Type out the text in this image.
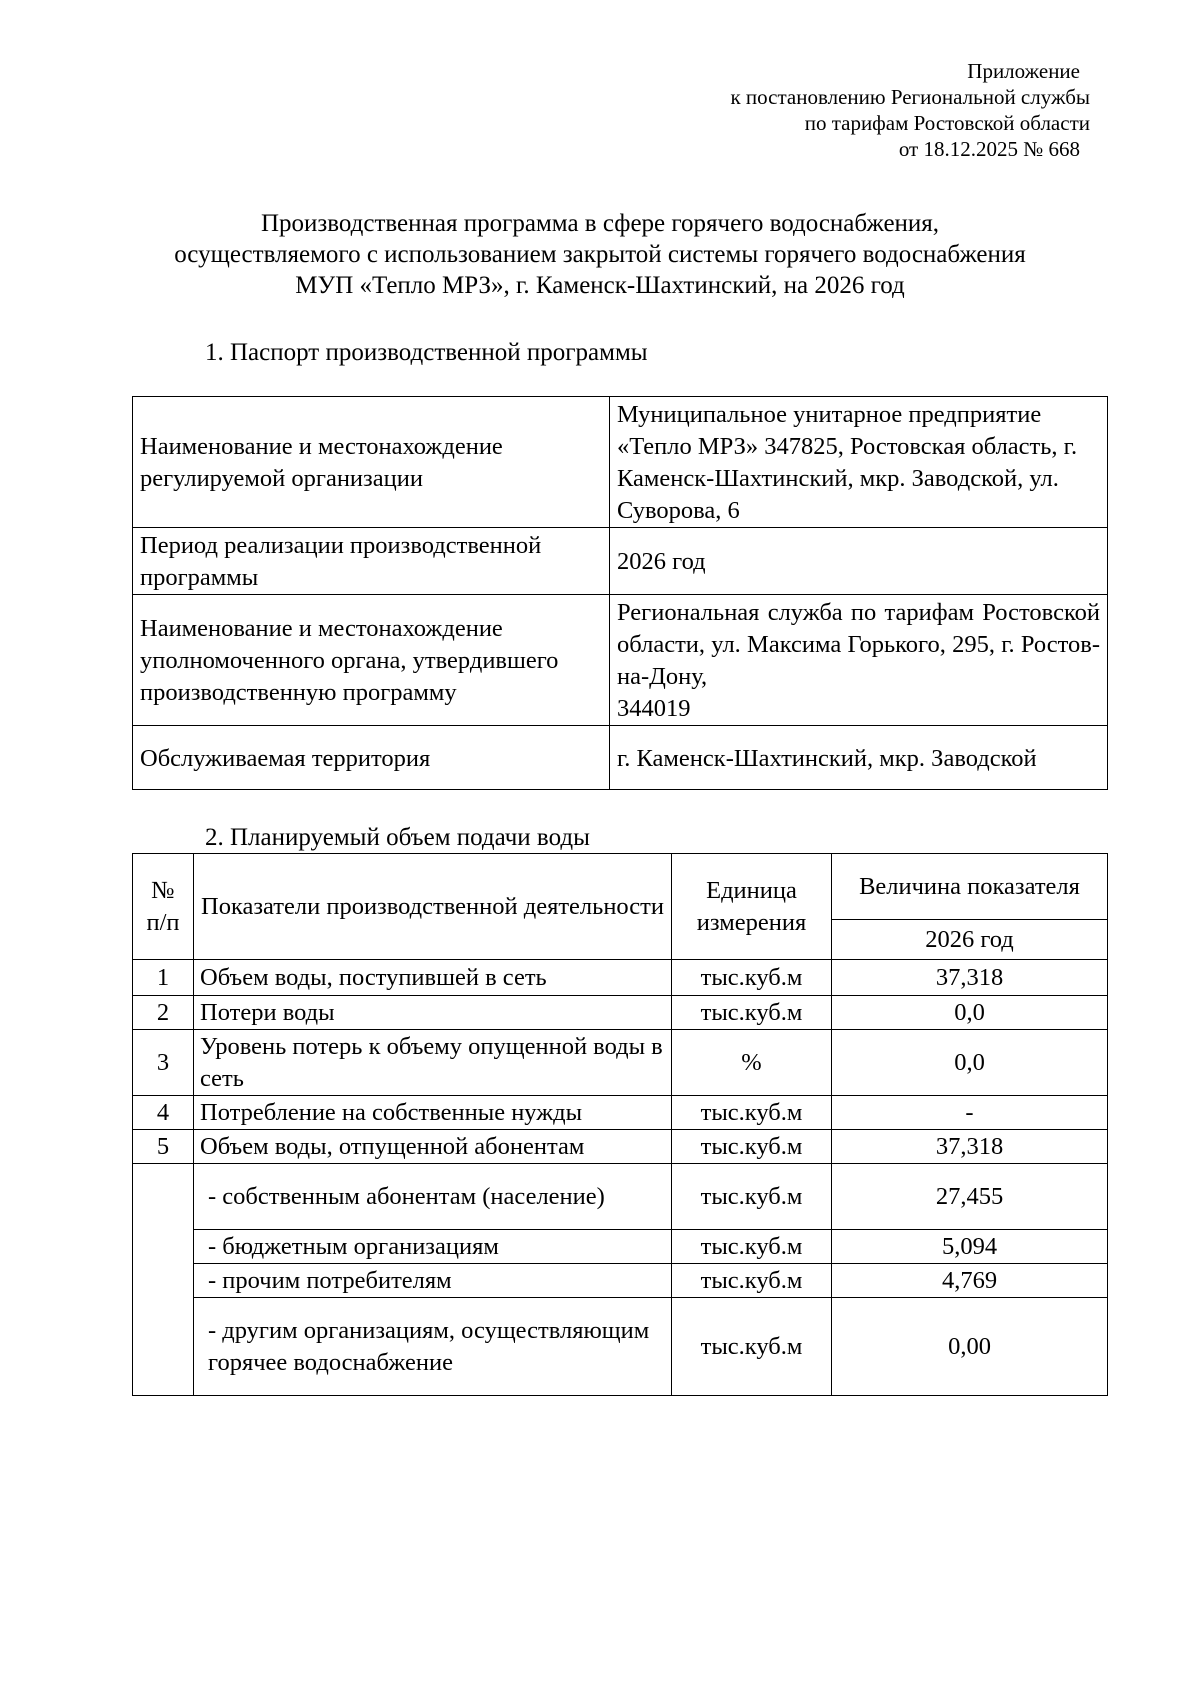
Приложение
к постановлению Региональной службы
по тарифам Ростовской области
от 18.12.2025 № 668
Производственная программа в сфере горячего водоснабжения,
осуществляемого с использованием закрытой системы горячего водоснабжения
МУП «Тепло МРЗ», г. Каменск-Шахтинский, на 2026 год
1. Паспорт производственной программы
Наименование и местонахождение регулируемой организации	Муниципальное унитарное предприятие «Тепло МРЗ» 347825, Ростовская область, г. Каменск-Шахтинский, мкр. Заводской, ул. Суворова, 6
Период реализации производственной программы	2026 год
Наименование и местонахождение уполномоченного органа, утвердившего производственную программу	Региональная служба по тарифам Ростовской области, ул. Максима Горького, 295, г. Ростов-на-Дону,
344019

Обслуживаемая территория	г. Каменск-Шахтинский, мкр. Заводской
2. Планируемый объем подачи воды
№ п/п	Показатели производственной деятельности	Единица измерения	Величина показателя
			2026 год
1	Объем воды, поступившей в сеть	тыс.куб.м	37,318
2	Потери воды	тыс.куб.м	0,0
3	Уровень потерь к объему опущенной воды в сеть	%	0,0
4	Потребление на собственные нужды	тыс.куб.м	-
5	Объем воды, отпущенной абонентам	тыс.куб.м	37,318
	- собственным абонентам (население)	тыс.куб.м	27,455
	- бюджетным организациям	тыс.куб.м	5,094
	- прочим потребителям	тыс.куб.м	4,769
	- другим организациям, осуществляющим горячее водоснабжение	тыс.куб.м	0,00
